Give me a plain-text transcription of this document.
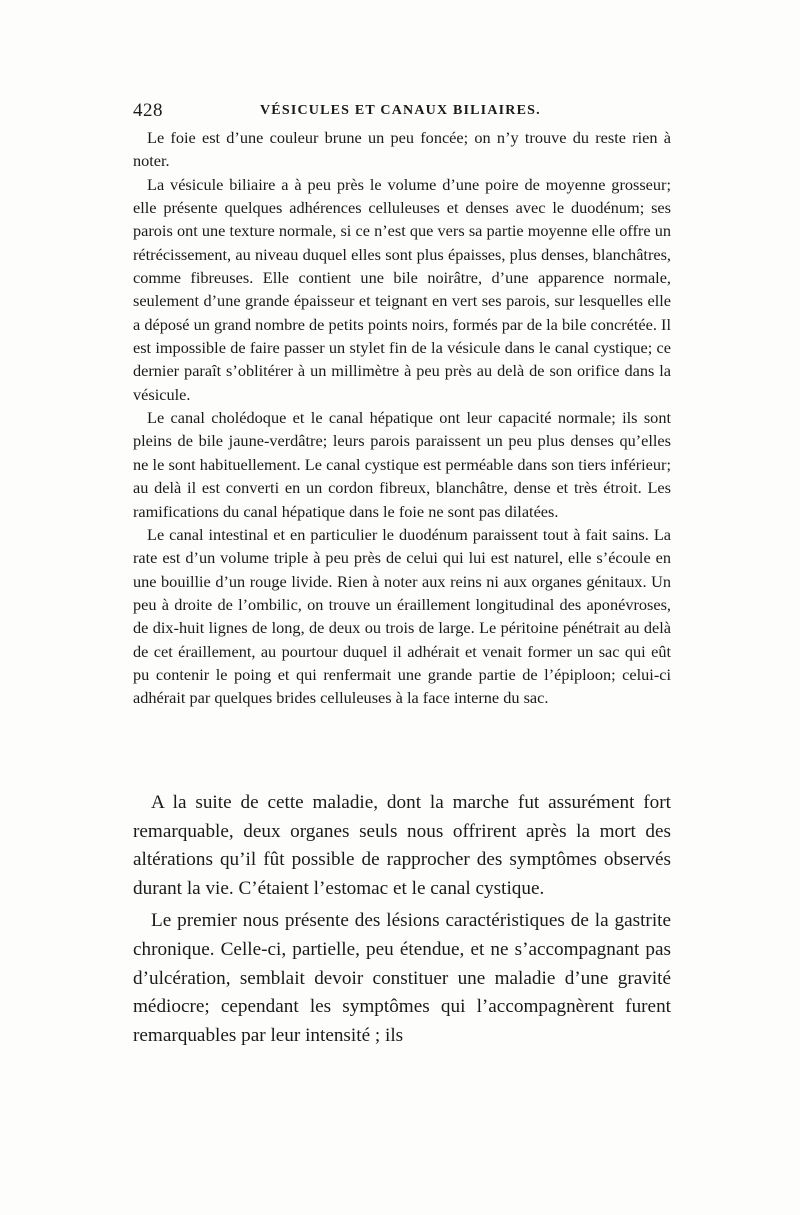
428	VÉSICULES ET CANAUX BILIAIRES.

Le foie est d’une couleur brune un peu foncée; on n’y trouve du reste rien à noter.

La vésicule biliaire a à peu près le volume d’une poire de moyenne grosseur; elle présente quelques adhérences celluleuses et denses avec le duodénum; ses parois ont une texture normale, si ce n’est que vers sa partie moyenne elle offre un rétrécissement, au niveau duquel elles sont plus épaisses, plus denses, blanchâtres, comme fibreuses. Elle contient une bile noirâtre, d’une apparence normale, seulement d’une grande épaisseur et teignant en vert ses parois, sur lesquelles elle a déposé un grand nombre de petits points noirs, formés par de la bile concrétée. Il est impossible de faire passer un stylet fin de la vésicule dans le canal cystique; ce dernier paraît s’oblitérer à un millimètre à peu près au delà de son orifice dans la vésicule.

Le canal cholédoque et le canal hépatique ont leur capacité normale; ils sont pleins de bile jaune-verdâtre; leurs parois paraissent un peu plus denses qu’elles ne le sont habituellement. Le canal cystique est perméable dans son tiers inférieur; au delà il est converti en un cordon fibreux, blanchâtre, dense et très étroit. Les ramifications du canal hépatique dans le foie ne sont pas dilatées.

Le canal intestinal et en particulier le duodénum paraissent tout à fait sains. La rate est d’un volume triple à peu près de celui qui lui est naturel, elle s’écoule en une bouillie d’un rouge livide. Rien à noter aux reins ni aux organes génitaux. Un peu à droite de l’ombilic, on trouve un éraillement longitudinal des aponévroses, de dix-huit lignes de long, de deux ou trois de large. Le péritoine pénétrait au delà de cet éraillement, au pourtour duquel il adhérait et venait former un sac qui eût pu contenir le poing et qui renfermait une grande partie de l’épiploon; celui-ci adhérait par quelques brides celluleuses à la face interne du sac.

A la suite de cette maladie, dont la marche fut assurément fort remarquable, deux organes seuls nous offrirent après la mort des altérations qu’il fût possible de rapprocher des symptômes observés durant la vie. C’étaient l’estomac et le canal cystique.

Le premier nous présente des lésions caractéristiques de la gastrite chronique. Celle-ci, partielle, peu étendue, et ne s’accompagnant pas d’ulcération, semblait devoir constituer une maladie d’une gravité médiocre; cependant les symptômes qui l’accompagnèrent furent remarquables par leur intensité ; ils
